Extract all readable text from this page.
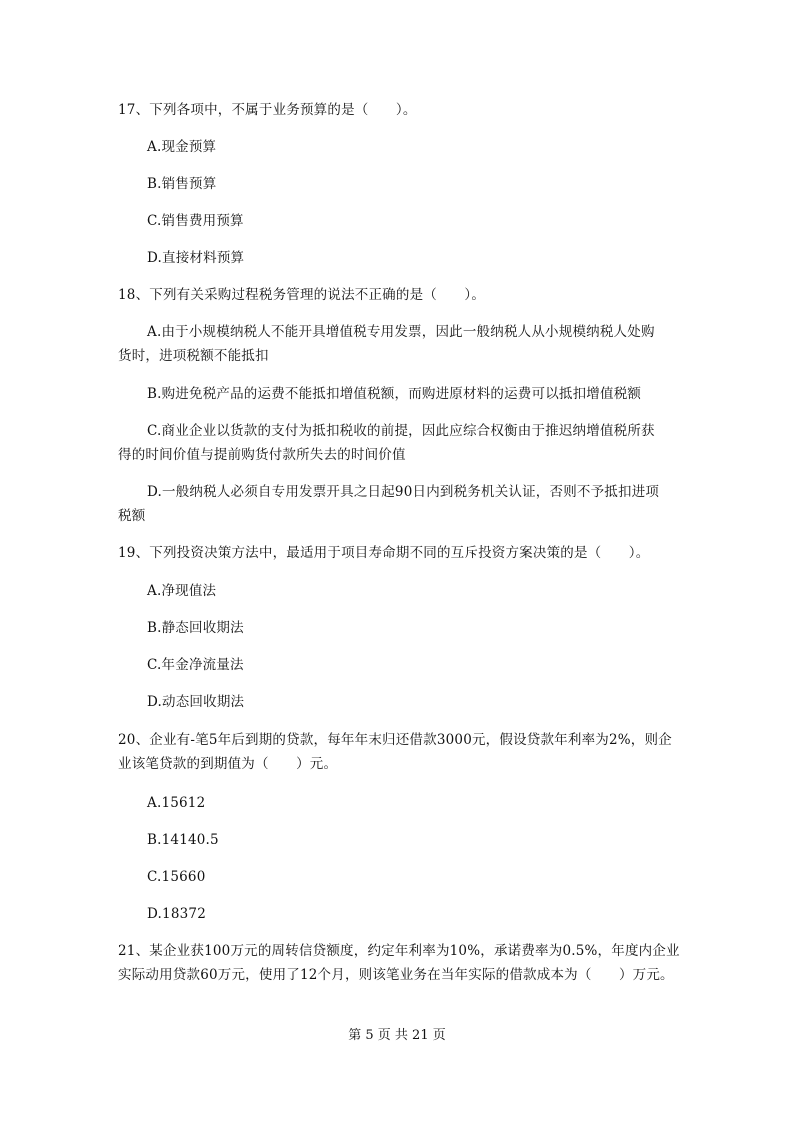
17、下列各项中，不属于业务预算的是（　　）。
A.现金预算
B.销售预算
C.销售费用预算
D.直接材料预算
18、下列有关采购过程税务管理的说法不正确的是（　　）。
A.由于小规模纳税人不能开具增值税专用发票，因此一般纳税人从小规模纳税人处购
货时，进项税额不能抵扣
B.购进免税产品的运费不能抵扣增值税额，而购进原材料的运费可以抵扣增值税额
C.商业企业以货款的支付为抵扣税收的前提，因此应综合权衡由于推迟纳增值税所获
得的时间价值与提前购货付款所失去的时间价值
D.一般纳税人必须自专用发票开具之日起90日内到税务机关认证，否则不予抵扣进项
税额
19、下列投资决策方法中，最适用于项目寿命期不同的互斥投资方案决策的是（　　）。
A.净现值法
B.静态回收期法
C.年金净流量法
D.动态回收期法
20、企业有-笔5年后到期的贷款，每年年末归还借款3000元，假设贷款年利率为2%，则企
业该笔贷款的到期值为（　　）元。
A.15612
B.14140.5
C.15660
D.18372
21、某企业获100万元的周转信贷额度，约定年利率为10%，承诺费率为0.5%，年度内企业
实际动用贷款60万元，使用了12个月，则该笔业务在当年实际的借款成本为（　　）万元。
第 5 页 共 21 页
